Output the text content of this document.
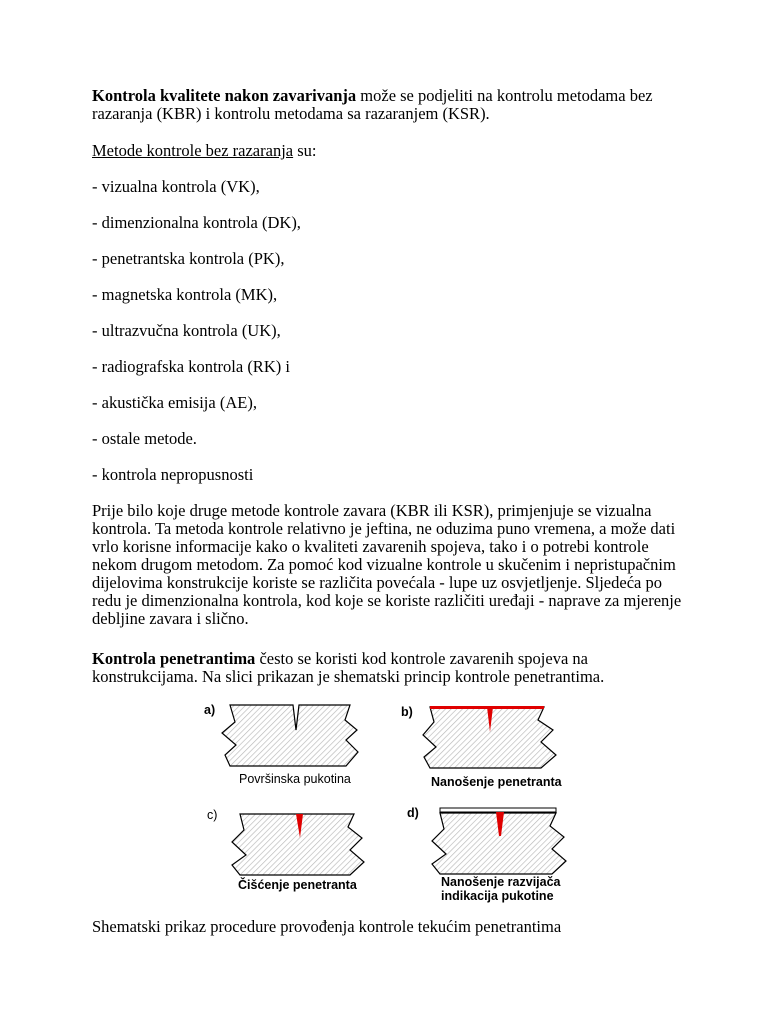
Kontrola kvalitete nakon zavarivanja može se podjeliti na kontrolu metodama bez razaranja (KBR) i kontrolu metodama sa razaranjem (KSR).

Metode kontrole bez razaranja su:

- vizualna kontrola (VK),

- dimenzionalna kontrola (DK),

- penetrantska kontrola (PK),

- magnetska kontrola (MK),

- ultrazvučna kontrola (UK),

- radiografska kontrola (RK) i

- akustička emisija (AE),

- ostale metode.

- kontrola nepropusnosti

Prije bilo koje druge metode kontrole zavara (KBR ili KSR), primjenjuje se vizualna kontrola. Ta metoda kontrole relativno je jeftina, ne oduzima puno vremena, a može dati vrlo korisne informacije kako o kvaliteti zavarenih spojeva, tako i o potrebi kontrole nekom drugom metodom. Za pomoć kod vizualne kontrole u skučenim i nepristupačnim dijelovima konstrukcije koriste se različita povećala - lupe uz osvjetljenje. Sljedeća po redu je dimenzionalna kontrola, kod koje se koriste različiti uređaji - naprave za mjerenje debljine zavara i slično.

Kontrola penetrantima često se koristi kod kontrole zavarenih spojeva na konstrukcijama. Na slici prikazan je shematski princip kontrole penetrantima.

a)
Površinska pukotina
b)
Nanošenje penetranta
c)
Čišćenje penetranta
d)
Nanošenje razvijača
indikacija pukotine

Shematski prikaz procedure provođenja kontrole tekućim penetrantima
